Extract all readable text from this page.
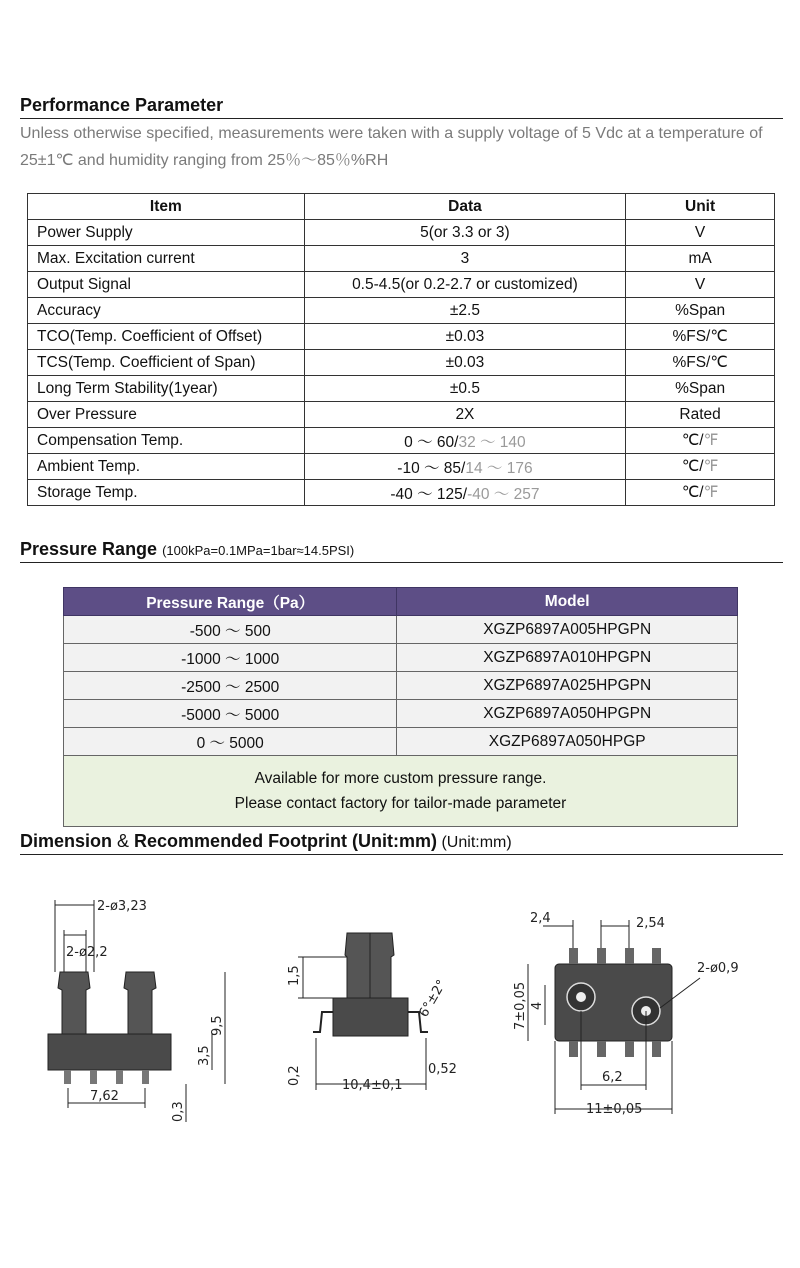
Performance Parameter
Unless otherwise specified, measurements were taken with a supply voltage of 5 Vdc at a temperature of 25±1℃ and humidity ranging from 25％～85％%RH
Item	Data	Unit
Power Supply	5(or 3.3 or 3)	V
Max. Excitation current	3	mA
Output Signal	0.5-4.5(or 0.2-2.7 or customized)	V
Accuracy	±2.5	%Span
TCO(Temp. Coefficient of Offset)	±0.03	%FS/℃
TCS(Temp. Coefficient of Span)	±0.03	%FS/℃
Long Term Stability(1year)	±0.5	%Span
Over Pressure	2X	Rated
Compensation Temp.	0 ～ 60/32 ～ 140	℃/℉
Ambient Temp.	-10 ～ 85/14 ～ 176	℃/℉
Storage Temp.	-40 ～ 125/-40 ～ 257	℃/℉
Pressure Range (100kPa=0.1MPa=1bar≈14.5PSI)
Pressure Range（Pa）	Model
-500 ～ 500	XGZP6897A005HPGPN
-1000 ～ 1000	XGZP6897A010HPGPN
-2500 ～ 2500	XGZP6897A025HPGPN
-5000 ～ 5000	XGZP6897A050HPGPN
0 ～ 5000	XGZP6897A050HPGP

Available for more custom pressure range.
Please contact factory for tailor-made parameter	
Dimension & Recommended Footprint (Unit:mm) (Unit:mm)
2-ø3,23
2-ø2,2
7,62
9,5
3,5
0,3
1,5
6°±2°
0,2	10,4±0,1
0,52
2,4	2,54
2-ø0,9
7±0,05 4
6,2
11±0,05
